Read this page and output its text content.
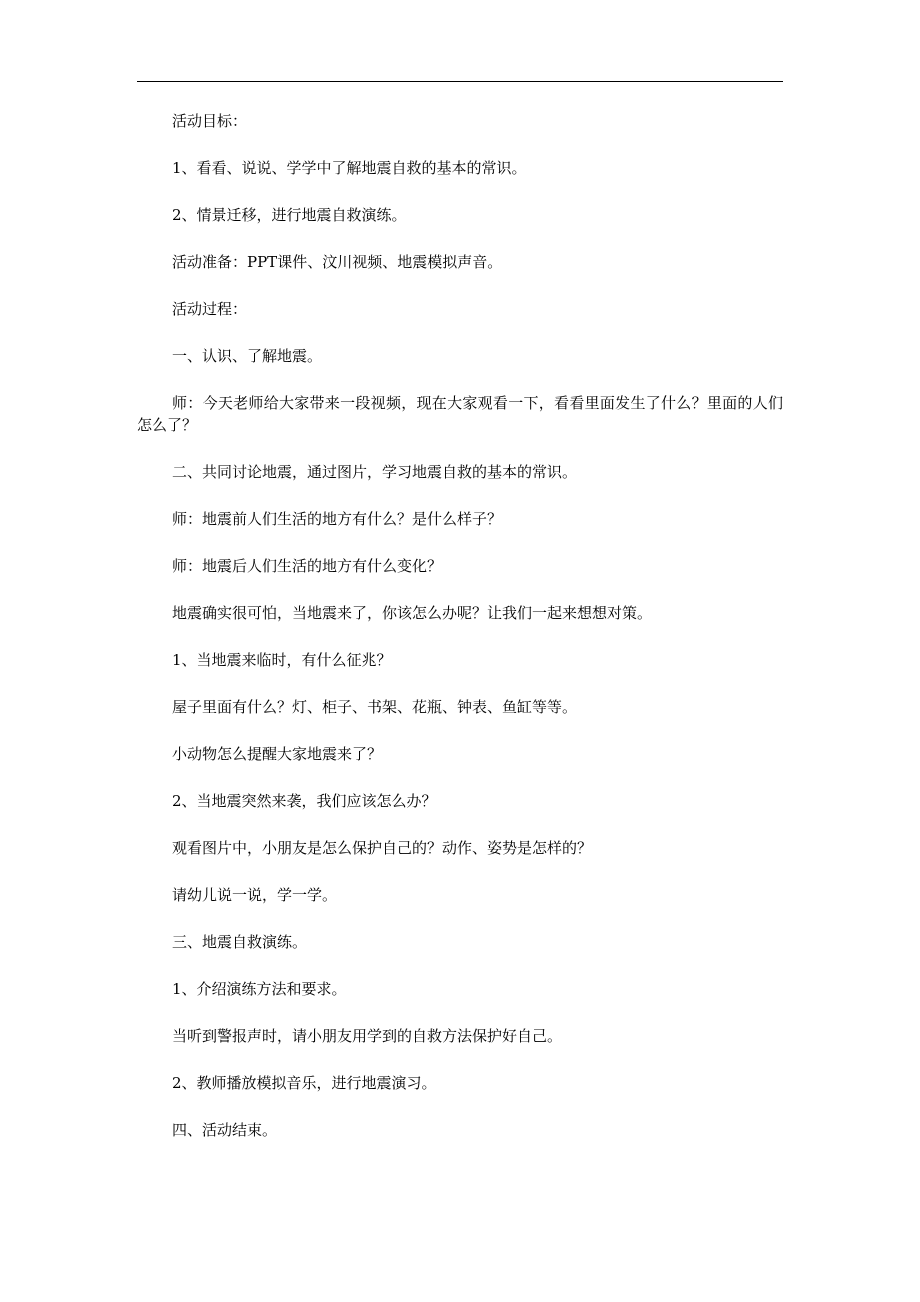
活动目标：

1、看看、说说、学学中了解地震自救的基本的常识。

2、情景迁移，进行地震自救演练。

活动准备：PPT课件、汶川视频、地震模拟声音。

活动过程：

一、认识、了解地震。

师：今天老师给大家带来一段视频，现在大家观看一下，看看里面发生了什么？里面的人们怎么了？

二、共同讨论地震，通过图片，学习地震自救的基本的常识。

师：地震前人们生活的地方有什么？是什么样子？

师：地震后人们生活的地方有什么变化？

地震确实很可怕，当地震来了，你该怎么办呢？让我们一起来想想对策。

1、当地震来临时，有什么征兆？

屋子里面有什么？灯、柜子、书架、花瓶、钟表、鱼缸等等。

小动物怎么提醒大家地震来了？

2、当地震突然来袭，我们应该怎么办？

观看图片中，小朋友是怎么保护自己的？动作、姿势是怎样的？

请幼儿说一说，学一学。

三、地震自救演练。

1、介绍演练方法和要求。

当听到警报声时，请小朋友用学到的自救方法保护好自己。

2、教师播放模拟音乐，进行地震演习。

四、活动结束。
